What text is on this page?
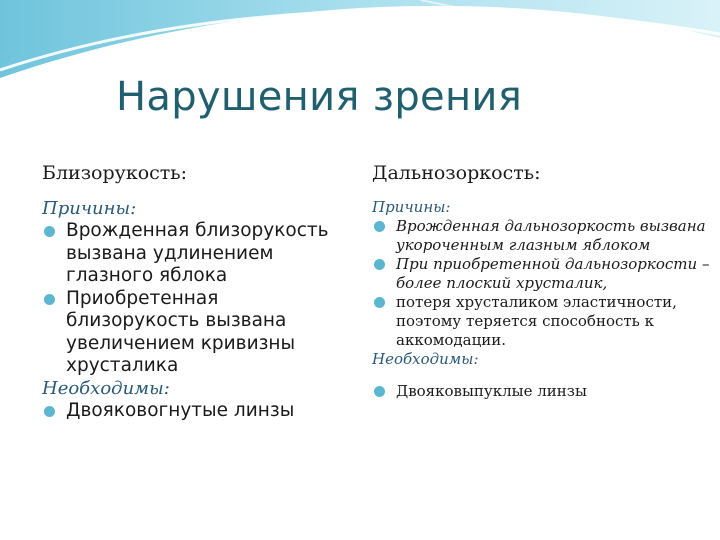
Нарушения зрения
Близорукость:
Причины:
Врожденная близорукость вызвана удлинением глазного яблока
Приобретенная близорукость вызвана увеличением кривизны хрусталика
Необходимы:
Двояковогнутые линзы
Дальнозоркость:
Причины:
Врожденная дальнозоркость вызвана укороченным глазным яблоком
При приобретенной дальнозоркости – более плоский хрусталик,
потеря хрусталиком эластичности, поэтому теряется способность к аккомодации.
Необходимы:
Двояковыпуклые линзы
